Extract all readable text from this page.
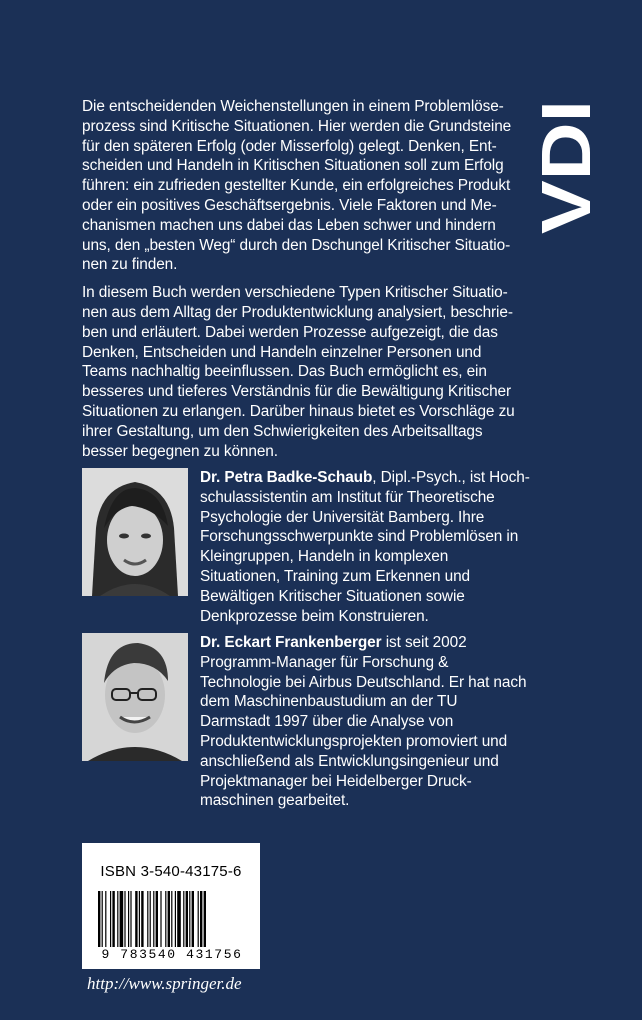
Die entscheidenden Weichenstellungen in einem Problemlöseprozess sind Kritische Situationen. Hier werden die Grundsteine für den späteren Erfolg (oder Misserfolg) gelegt. Denken, Entscheiden und Handeln in Kritischen Situationen soll zum Erfolg führen: ein zufrieden gestellter Kunde, ein erfolgreiches Produkt oder ein positives Geschäftsergebnis. Viele Faktoren und Mechanismen machen uns dabei das Leben schwer und hindern uns, den „besten Weg“ durch den Dschungel Kritischer Situationen zu finden.

In diesem Buch werden verschiedene Typen Kritischer Situationen aus dem Alltag der Produktentwicklung analysiert, beschrieben und erläutert. Dabei werden Prozesse aufgezeigt, die das Denken, Entscheiden und Handeln einzelner Personen und Teams nachhaltig beeinflussen. Das Buch ermöglicht es, ein besseres und tieferes Verständnis für die Bewältigung Kritischer Situationen zu erlangen. Darüber hinaus bietet es Vorschläge zu ihrer Gestaltung, um den Schwierigkeiten des Arbeitsalltags besser begegnen zu können.

VDI
Dr. Petra Badke-Schaub, Dipl.-Psych., ist Hochschulassistentin am Institut für Theoretische Psychologie der Universität Bamberg. Ihre Forschungsschwerpunkte sind Problemlösen in Kleingruppen, Handeln in komplexen Situationen, Training zum Erkennen und Bewältigen Kritischer Situationen sowie Denkprozesse beim Konstruieren.
Dr. Eckart Frankenberger ist seit 2002 Programm-Manager für Forschung & Technologie bei Airbus Deutschland. Er hat nach dem Maschinenbaustudium an der TU Darmstadt 1997 über die Analyse von Produktentwicklungsprojekten promoviert und anschließend als Entwicklungsingenieur und Projektmanager bei Heidelberger Druckmaschinen gearbeitet.
ISBN 3-540-43175-6
9 783540 431756
http://www.springer.de
